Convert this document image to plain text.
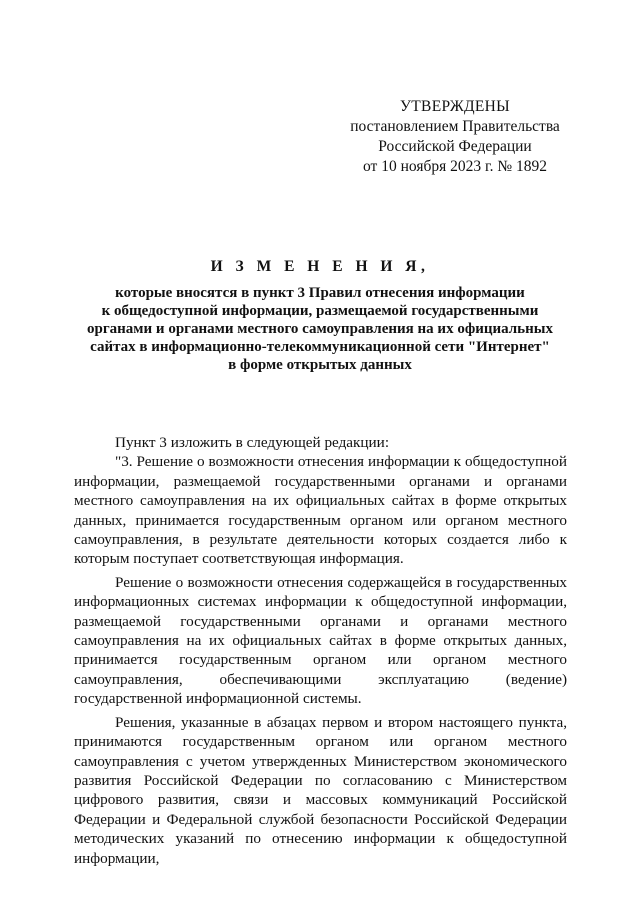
УТВЕРЖДЕНЫ
постановлением Правительства
Российской Федерации
от 10 ноября 2023 г. № 1892
И З М Е Н Е Н И Я,
которые вносятся в пункт 3 Правил отнесения информации
к общедоступной информации, размещаемой государственными
органами и органами местного самоуправления на их официальных
сайтах в информационно-телекоммуникационной сети "Интернет"
в форме открытых данных

Пункт 3 изложить в следующей редакции:

"3. Решение о возможности отнесения информации к общедоступной информации, размещаемой государственными органами и органами местного самоуправления на их официальных сайтах в форме открытых данных, принимается государственным органом или органом местного самоуправления, в результате деятельности которых создается либо к которым поступает соответствующая информация.

Решение о возможности отнесения содержащейся в государственных информационных системах информации к общедоступной информации, размещаемой государственными органами и органами местного самоуправления на их официальных сайтах в форме открытых данных, принимается государственным органом или органом местного самоуправления, обеспечивающими эксплуатацию (ведение) государственной информационной системы.

Решения, указанные в абзацах первом и втором настоящего пункта, принимаются государственным органом или органом местного самоуправления с учетом утвержденных Министерством экономического развития Российской Федерации по согласованию с Министерством цифрового развития, связи и массовых коммуникаций Российской Федерации и Федеральной службой безопасности Российской Федерации методических указаний по отнесению информации к общедоступной информации,
